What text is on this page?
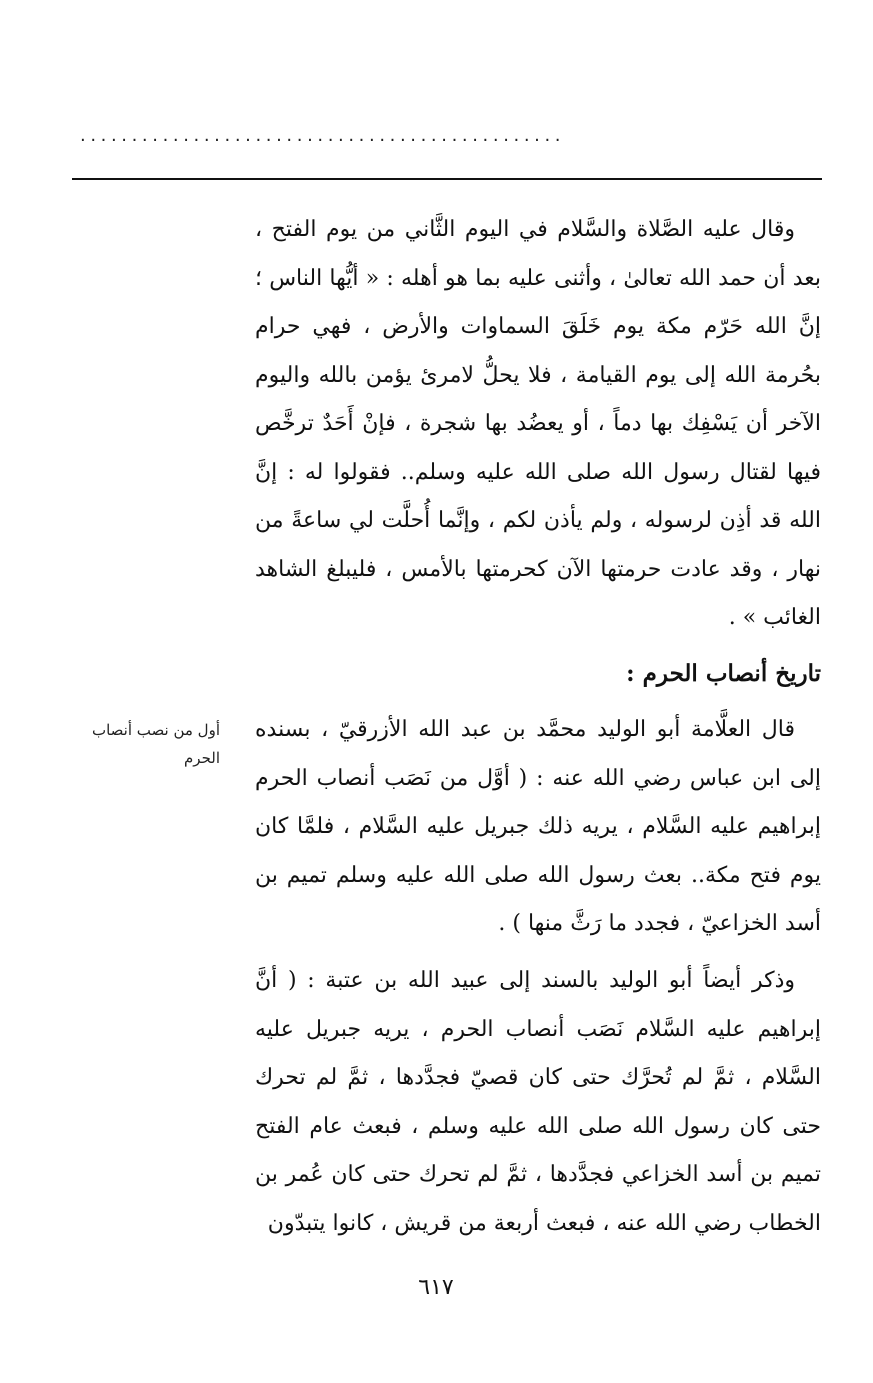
...............................................

وقال عليه الصَّلاة والسَّلام في اليوم الثَّاني من يوم الفتح ، بعد أن حمد الله تعالىٰ ، وأثنى عليه بما هو أهله : « أيُّها الناس ؛ إنَّ الله حَرّم مكة يوم خَلَقَ السماوات والأرض ، فهي حرام بحُرمة الله إلى يوم القيامة ، فلا يحلُّ لامرئ يؤمن بالله واليوم الآخر أن يَسْفِك بها دماً ، أو يعضُد بها شجرة ، فإنْ أَحَدٌ ترخَّص فيها لقتال رسول الله صلى الله عليه وسلم.. فقولوا له : إنَّ الله قد أذِن لرسوله ، ولم يأذن لكم ، وإنَّما أُحلَّت لي ساعةً من نهار ، وقد عادت حرمتها الآن كحرمتها بالأمس ، فليبلغ الشاهد الغائب » .

تاريخ أنصاب الحرم :
أول من نصب أنصاب الحرم

قال العلَّامة أبو الوليد محمَّد بن عبد الله الأزرقيّ ، بسنده إلى ابن عباس رضي الله عنه : ( أوَّل من نَصَب أنصاب الحرم إبراهيم عليه السَّلام ، يريه ذلك جبريل عليه السَّلام ، فلمَّا كان يوم فتح مكة.. بعث رسول الله صلى الله عليه وسلم تميم بن أسد الخزاعيّ ، فجدد ما رَثَّ منها ) .

وذكر أيضاً أبو الوليد بالسند إلى عبيد الله بن عتبة : ( أنَّ إبراهيم عليه السَّلام نَصَب أنصاب الحرم ، يريه جبريل عليه السَّلام ، ثمَّ لم تُحرَّك حتى كان قصيّ فجدَّدها ، ثمَّ لم تحرك حتى كان رسول الله صلى الله عليه وسلم ، فبعث عام الفتح تميم بن أسد الخزاعي فجدَّدها ، ثمَّ لم تحرك حتى كان عُمر بن الخطاب رضي الله عنه ، فبعث أربعة من قريش ، كانوا يتبدّون

٦١٧
